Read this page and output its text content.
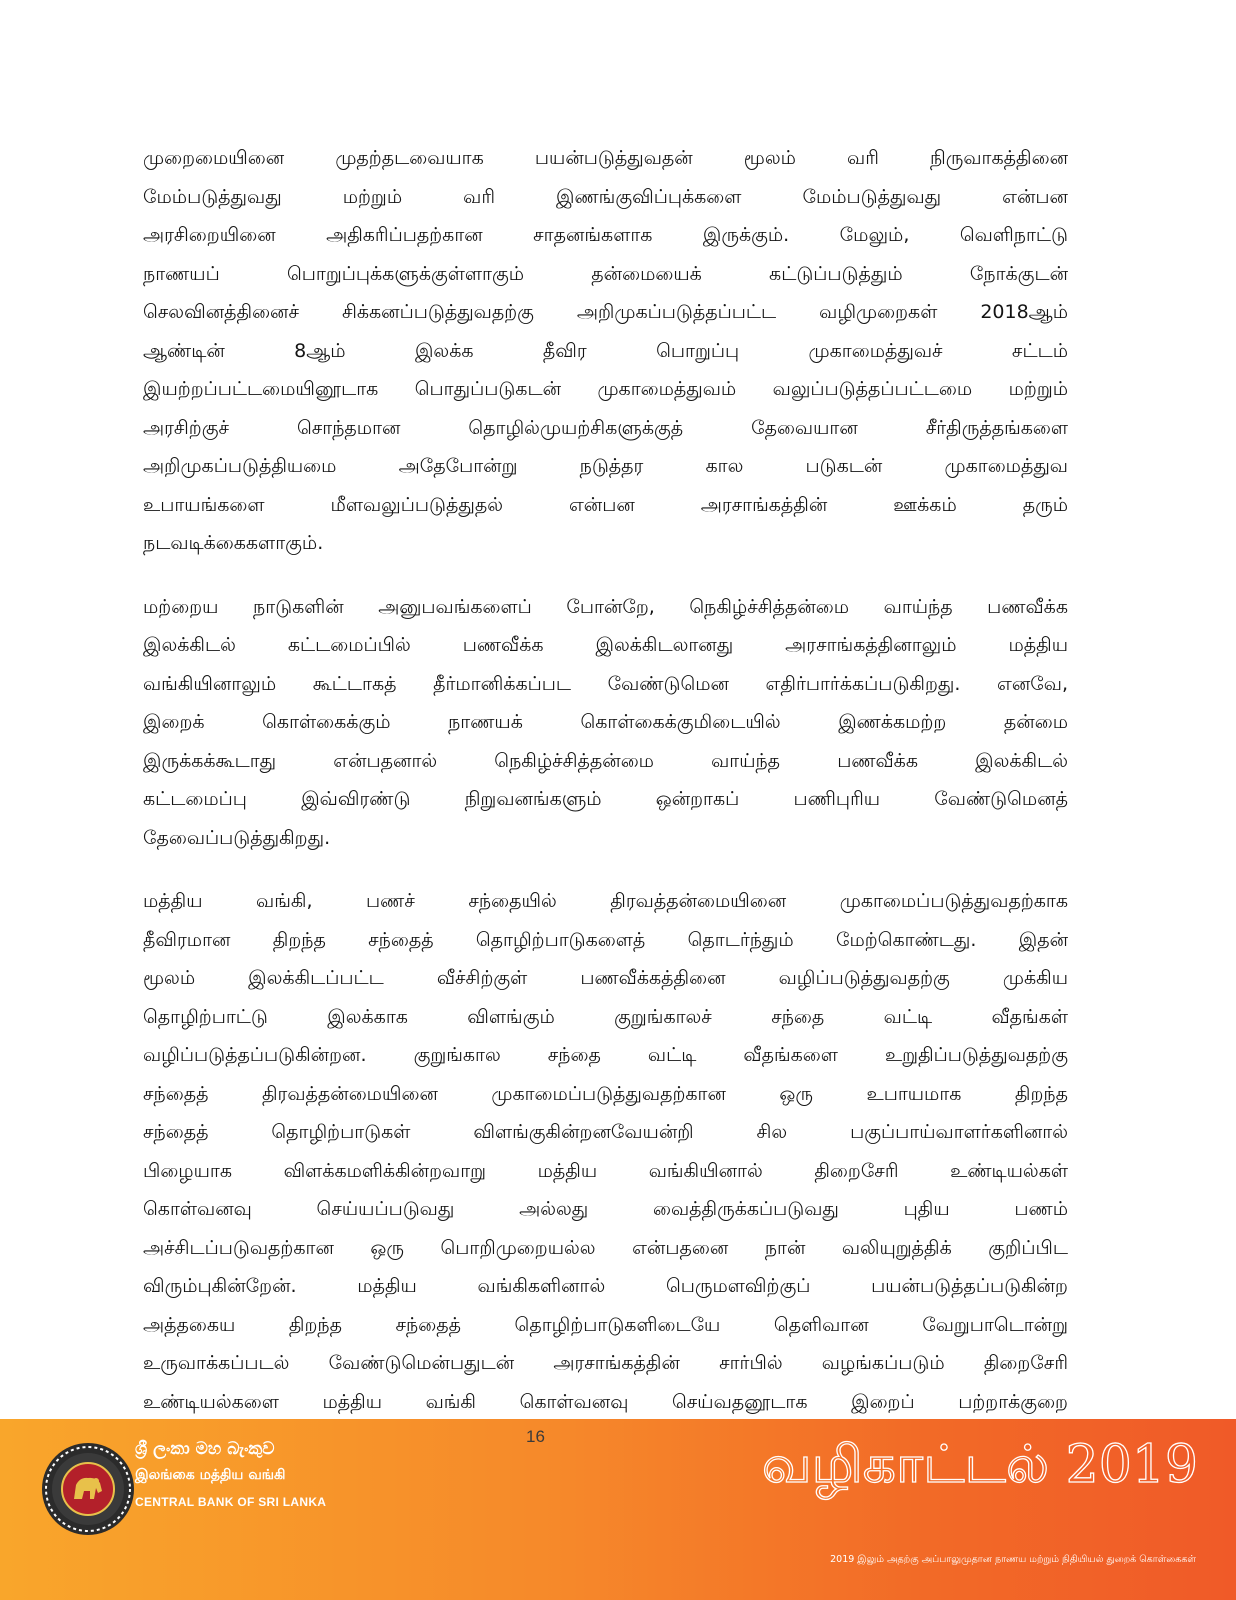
முறைமையினை முதற்தடவையாக பயன்படுத்துவதன் மூலம் வரி நிருவாகத்தினை
மேம்படுத்துவது மற்றும் வரி இணங்குவிப்புக்களை மேம்படுத்துவது என்பன
அரசிறையினை அதிகரிப்பதற்கான சாதனங்களாக இருக்கும். மேலும், வெளிநாட்டு
நாணயப் பொறுப்புக்களுக்குள்ளாகும் தன்மையைக் கட்டுப்படுத்தும் நோக்குடன்
செலவினத்தினைச் சிக்கனப்படுத்துவதற்கு அறிமுகப்படுத்தப்பட்ட வழிமுறைகள் 2018ஆம்
ஆண்டின் 8ஆம் இலக்க தீவிர பொறுப்பு முகாமைத்துவச் சட்டம்
இயற்றப்பட்டமையினூடாக பொதுப்படுகடன் முகாமைத்துவம் வலுப்படுத்தப்பட்டமை மற்றும்
அரசிற்குச் சொந்தமான தொழில்முயற்சிகளுக்குத் தேவையான சீர்திருத்தங்களை
அறிமுகப்படுத்தியமை அதேபோன்று நடுத்தர கால படுகடன் முகாமைத்துவ
உபாயங்களை மீளவலுப்படுத்துதல் என்பன அரசாங்கத்தின் ஊக்கம் தரும்
நடவடிக்கைகளாகும்.
மற்றைய நாடுகளின் அனுபவங்களைப் போன்றே, நெகிழ்ச்சித்தன்மை வாய்ந்த பணவீக்க
இலக்கிடல் கட்டமைப்பில் பணவீக்க இலக்கிடலானது அரசாங்கத்தினாலும் மத்திய
வங்கியினாலும் கூட்டாகத் தீர்மானிக்கப்பட வேண்டுமென எதிர்பார்க்கப்படுகிறது. எனவே,
இறைக் கொள்கைக்கும் நாணயக் கொள்கைக்குமிடையில் இணக்கமற்ற தன்மை
இருக்கக்கூடாது என்பதனால் நெகிழ்ச்சித்தன்மை வாய்ந்த பணவீக்க இலக்கிடல்
கட்டமைப்பு இவ்விரண்டு நிறுவனங்களும் ஒன்றாகப் பணிபுரிய வேண்டுமெனத்
தேவைப்படுத்துகிறது.
மத்திய வங்கி, பணச் சந்தையில் திரவத்தன்மையினை முகாமைப்படுத்துவதற்காக
தீவிரமான திறந்த சந்தைத் தொழிற்பாடுகளைத் தொடர்ந்தும் மேற்கொண்டது. இதன்
மூலம் இலக்கிடப்பட்ட வீச்சிற்குள் பணவீக்கத்தினை வழிப்படுத்துவதற்கு முக்கிய
தொழிற்பாட்டு இலக்காக விளங்கும் குறுங்காலச் சந்தை வட்டி வீதங்கள்
வழிப்படுத்தப்படுகின்றன. குறுங்கால சந்தை வட்டி வீதங்களை உறுதிப்படுத்துவதற்கு
சந்தைத் திரவத்தன்மையினை முகாமைப்படுத்துவதற்கான ஒரு உபாயமாக திறந்த
சந்தைத் தொழிற்பாடுகள் விளங்குகின்றனவேயன்றி சில பகுப்பாய்வாளர்களினால்
பிழையாக விளக்கமளிக்கின்றவாறு மத்திய வங்கியினால் திறைசேரி உண்டியல்கள்
கொள்வனவு செய்யப்படுவது அல்லது வைத்திருக்கப்படுவது புதிய பணம்
அச்சிடப்படுவதற்கான ஒரு பொறிமுறையல்ல என்பதனை நான் வலியுறுத்திக் குறிப்பிட
விரும்புகின்றேன். மத்திய வங்கிகளினால் பெருமளவிற்குப் பயன்படுத்தப்படுகின்ற
அத்தகைய திறந்த சந்தைத் தொழிற்பாடுகளிடையே தெளிவான வேறுபாடொன்று
உருவாக்கப்படல் வேண்டுமென்பதுடன் அரசாங்கத்தின் சார்பில் வழங்கப்படும் திறைசேரி
உண்டியல்களை மத்திய வங்கி கொள்வனவு செய்வதனூடாக இறைப் பற்றாக்குறை
ශ්‍රී ලංකා මහ බැංකුව
இலங்கை மத்திய வங்கி
CENTRAL BANK OF SRI LANKA
16	வழிகாட்டல் 2019
2019 இலும் அதற்கு அப்பாலுமுதான நாணய மற்றும் நிதியியல் துறைக் கொள்கைகள்
